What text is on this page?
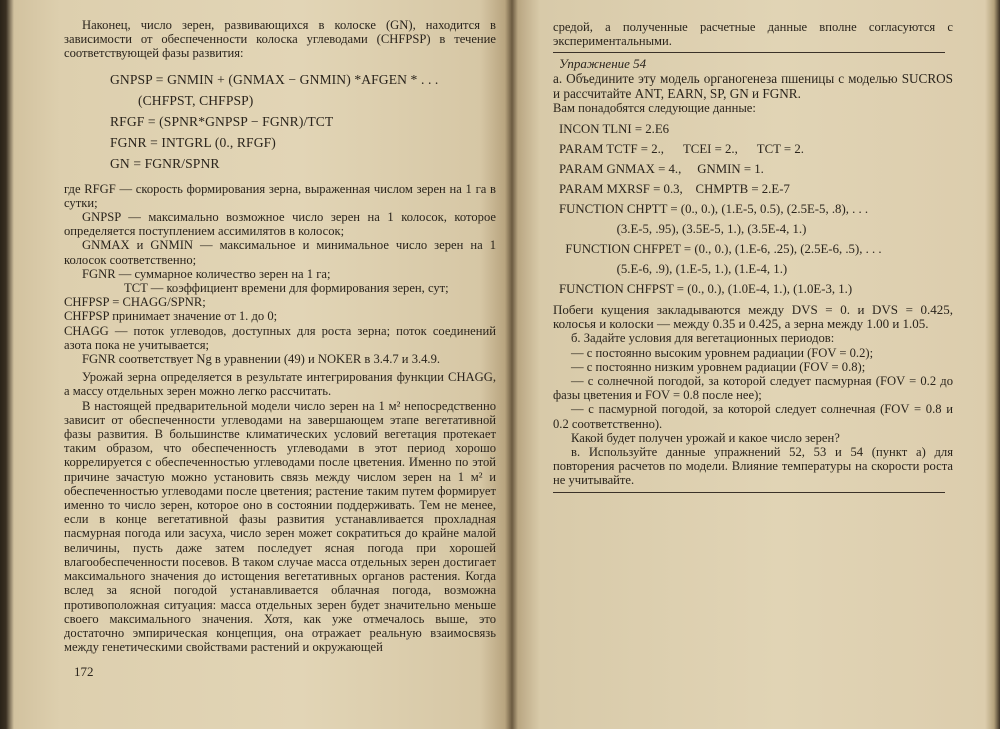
Наконец, число зерен, развивающихся в колоске (GN), находится в зависимости от обеспеченности колоска углеводами (CHFPSP) в течение соответствующей фазы развития:

GNPSP = GNMIN + (GNMAX − GNMIN) *AFGEN * . . .

(CHFPST, CHFPSP)

RFGF = (SPNR*GNPSP − FGNR)/TCT

FGNR = INTGRL (0., RFGF)

GN = FGNR/SPNR

где RFGF — скорость формирования зерна, выраженная числом зерен на 1 га в сутки;

GNPSP — максимально возможное число зерен на 1 колосок, которое определяется поступлением ассимилятов в колосок;

GNMAX и GNMIN — максимальное и минимальное число зерен на 1 колосок соответственно;

FGNR — суммарное количество зерен на 1 га;

TCT — коэффициент времени для формирования зерен, сут;

CHFPSP = CHAGG/SPNR;

CHFPSP принимает значение от 1. до 0;

CHAGG — поток углеводов, доступных для роста зерна; поток соединений азота пока не учитывается;

FGNR соответствует Ng в уравнении (49) и NOKER в 3.4.7 и 3.4.9.

Урожай зерна определяется в результате интегрирования функции CHAGG, а массу отдельных зерен можно легко рассчитать.

В настоящей предварительной модели число зерен на 1 м² непосредственно зависит от обеспеченности углеводами на завершающем этапе вегетативной фазы развития. В большинстве климатических условий вегетация протекает таким образом, что обеспеченность углеводами в этот период хорошо коррелируется с обеспеченностью углеводами после цветения. Именно по этой причине зачастую можно установить связь между числом зерен на 1 м² и обеспеченностью углеводами после цветения; растение таким путем формирует именно то число зерен, которое оно в состоянии поддерживать. Тем не менее, если в конце вегетативной фазы развития устанавливается прохладная пасмурная погода или засуха, число зерен может сократиться до крайне малой величины, пусть даже затем последует ясная погода при хорошей влагообеспеченности посевов. В таком случае масса отдельных зерен достигает максимального значения до истощения вегетативных органов растения. Когда вслед за ясной погодой устанавливается облачная погода, возможна противоположная ситуация: масса отдельных зерен будет значительно меньше своего максимального значения. Хотя, как уже отмечалось выше, это достаточно эмпирическая концепция, она отражает реальную взаимосвязь между генетическими свойствами растений и окружающей

172

средой, а полученные расчетные данные вполне согласуются с экспериментальными.

Упражнение 54

а. Объедините эту модель органогенеза пшеницы с моделью SUCROS и рассчитайте ANT, EARN, SP, GN и FGNR.

Вам понадобятся следующие данные:

INCON TLNI = 2.E6

PARAM TCTF = 2.,      TCEI = 2.,      TCT = 2.

PARAM GNMAX = 4.,     GNMIN = 1.

PARAM MXRSF = 0.3,    CHMPTB = 2.E-7

FUNCTION CHPTT = (0., 0.), (1.E-5, 0.5), (2.5E-5, .8), . . .

(3.E-5, .95), (3.5E-5, 1.), (3.5E-4, 1.)

FUNCTION CHFPET = (0., 0.), (1.E-6, .25), (2.5E-6, .5), . . .

(5.E-6, .9), (1.E-5, 1.), (1.E-4, 1.)

FUNCTION CHFPST = (0., 0.), (1.0E-4, 1.), (1.0E-3, 1.)

Побеги кущения закладываются между DVS = 0. и DVS = 0.425, колосья и колоски — между 0.35 и 0.425, а зерна между 1.00 и 1.05.

б. Задайте условия для вегетационных периодов:

— с постоянно высоким уровнем радиации (FOV = 0.2);

— с постоянно низким уровнем радиации (FOV = 0.8);

— с солнечной погодой, за которой следует пасмурная (FOV = 0.2 до фазы цветения и FOV = 0.8 после нее);

— с пасмурной погодой, за которой следует солнечная (FOV = 0.8 и 0.2 соответственно).

Какой будет получен урожай и какое число зерен?

в. Используйте данные упражнений 52, 53 и 54 (пункт а) для повторения расчетов по модели. Влияние температуры на скорости роста не учитывайте.
